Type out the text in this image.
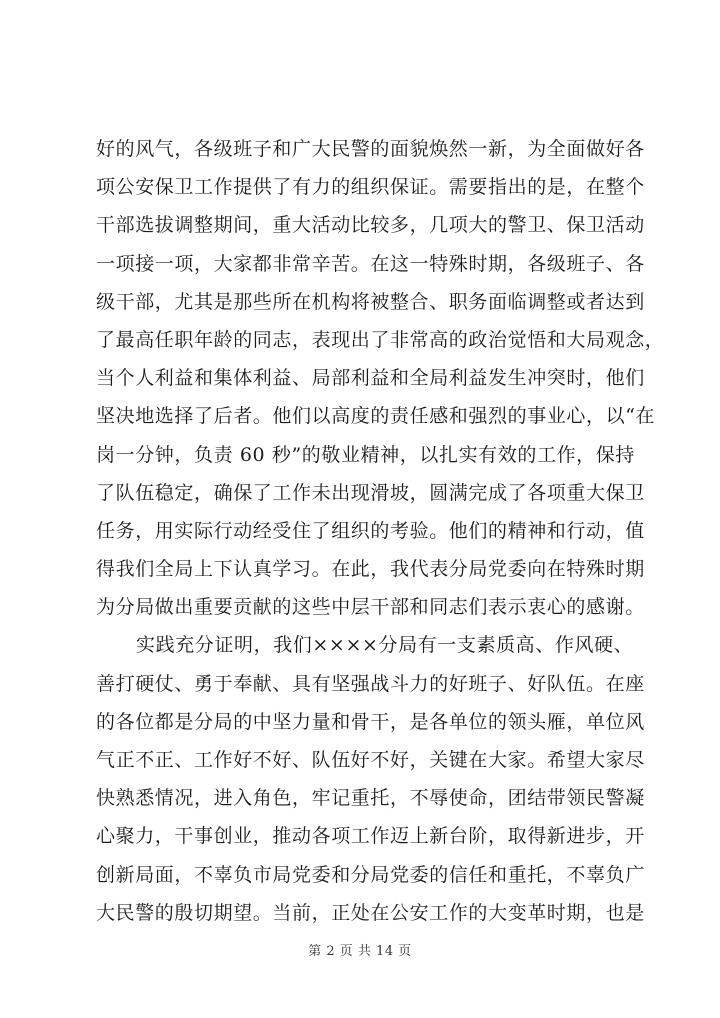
好的风气，各级班子和广大民警的面貌焕然一新，为全面做好各
项公安保卫工作提供了有力的组织保证。需要指出的是，在整个
干部选拔调整期间，重大活动比较多，几项大的警卫、保卫活动
一项接一项，大家都非常辛苦。在这一特殊时期，各级班子、各
级干部，尤其是那些所在机构将被整合、职务面临调整或者达到
了最高任职年龄的同志，表现出了非常高的政治觉悟和大局观念，
当个人利益和集体利益、局部利益和全局利益发生冲突时，他们
坚决地选择了后者。他们以高度的责任感和强烈的事业心，以“在
岗一分钟，负责 60 秒”的敬业精神，以扎实有效的工作，保持
了队伍稳定，确保了工作未出现滑坡，圆满完成了各项重大保卫
任务，用实际行动经受住了组织的考验。他们的精神和行动，值
得我们全局上下认真学习。在此，我代表分局党委向在特殊时期
为分局做出重要贡献的这些中层干部和同志们表示衷心的感谢。
实践充分证明，我们××××分局有一支素质高、作风硬、
善打硬仗、勇于奉献、具有坚强战斗力的好班子、好队伍。在座
的各位都是分局的中坚力量和骨干，是各单位的领头雁，单位风
气正不正、工作好不好、队伍好不好，关键在大家。希望大家尽
快熟悉情况，进入角色，牢记重托，不辱使命，团结带领民警凝
心聚力，干事创业，推动各项工作迈上新台阶，取得新进步，开
创新局面，不辜负市局党委和分局党委的信任和重托，不辜负广
大民警的殷切期望。当前，正处在公安工作的大变革时期，也是
第 2 页 共 14 页
